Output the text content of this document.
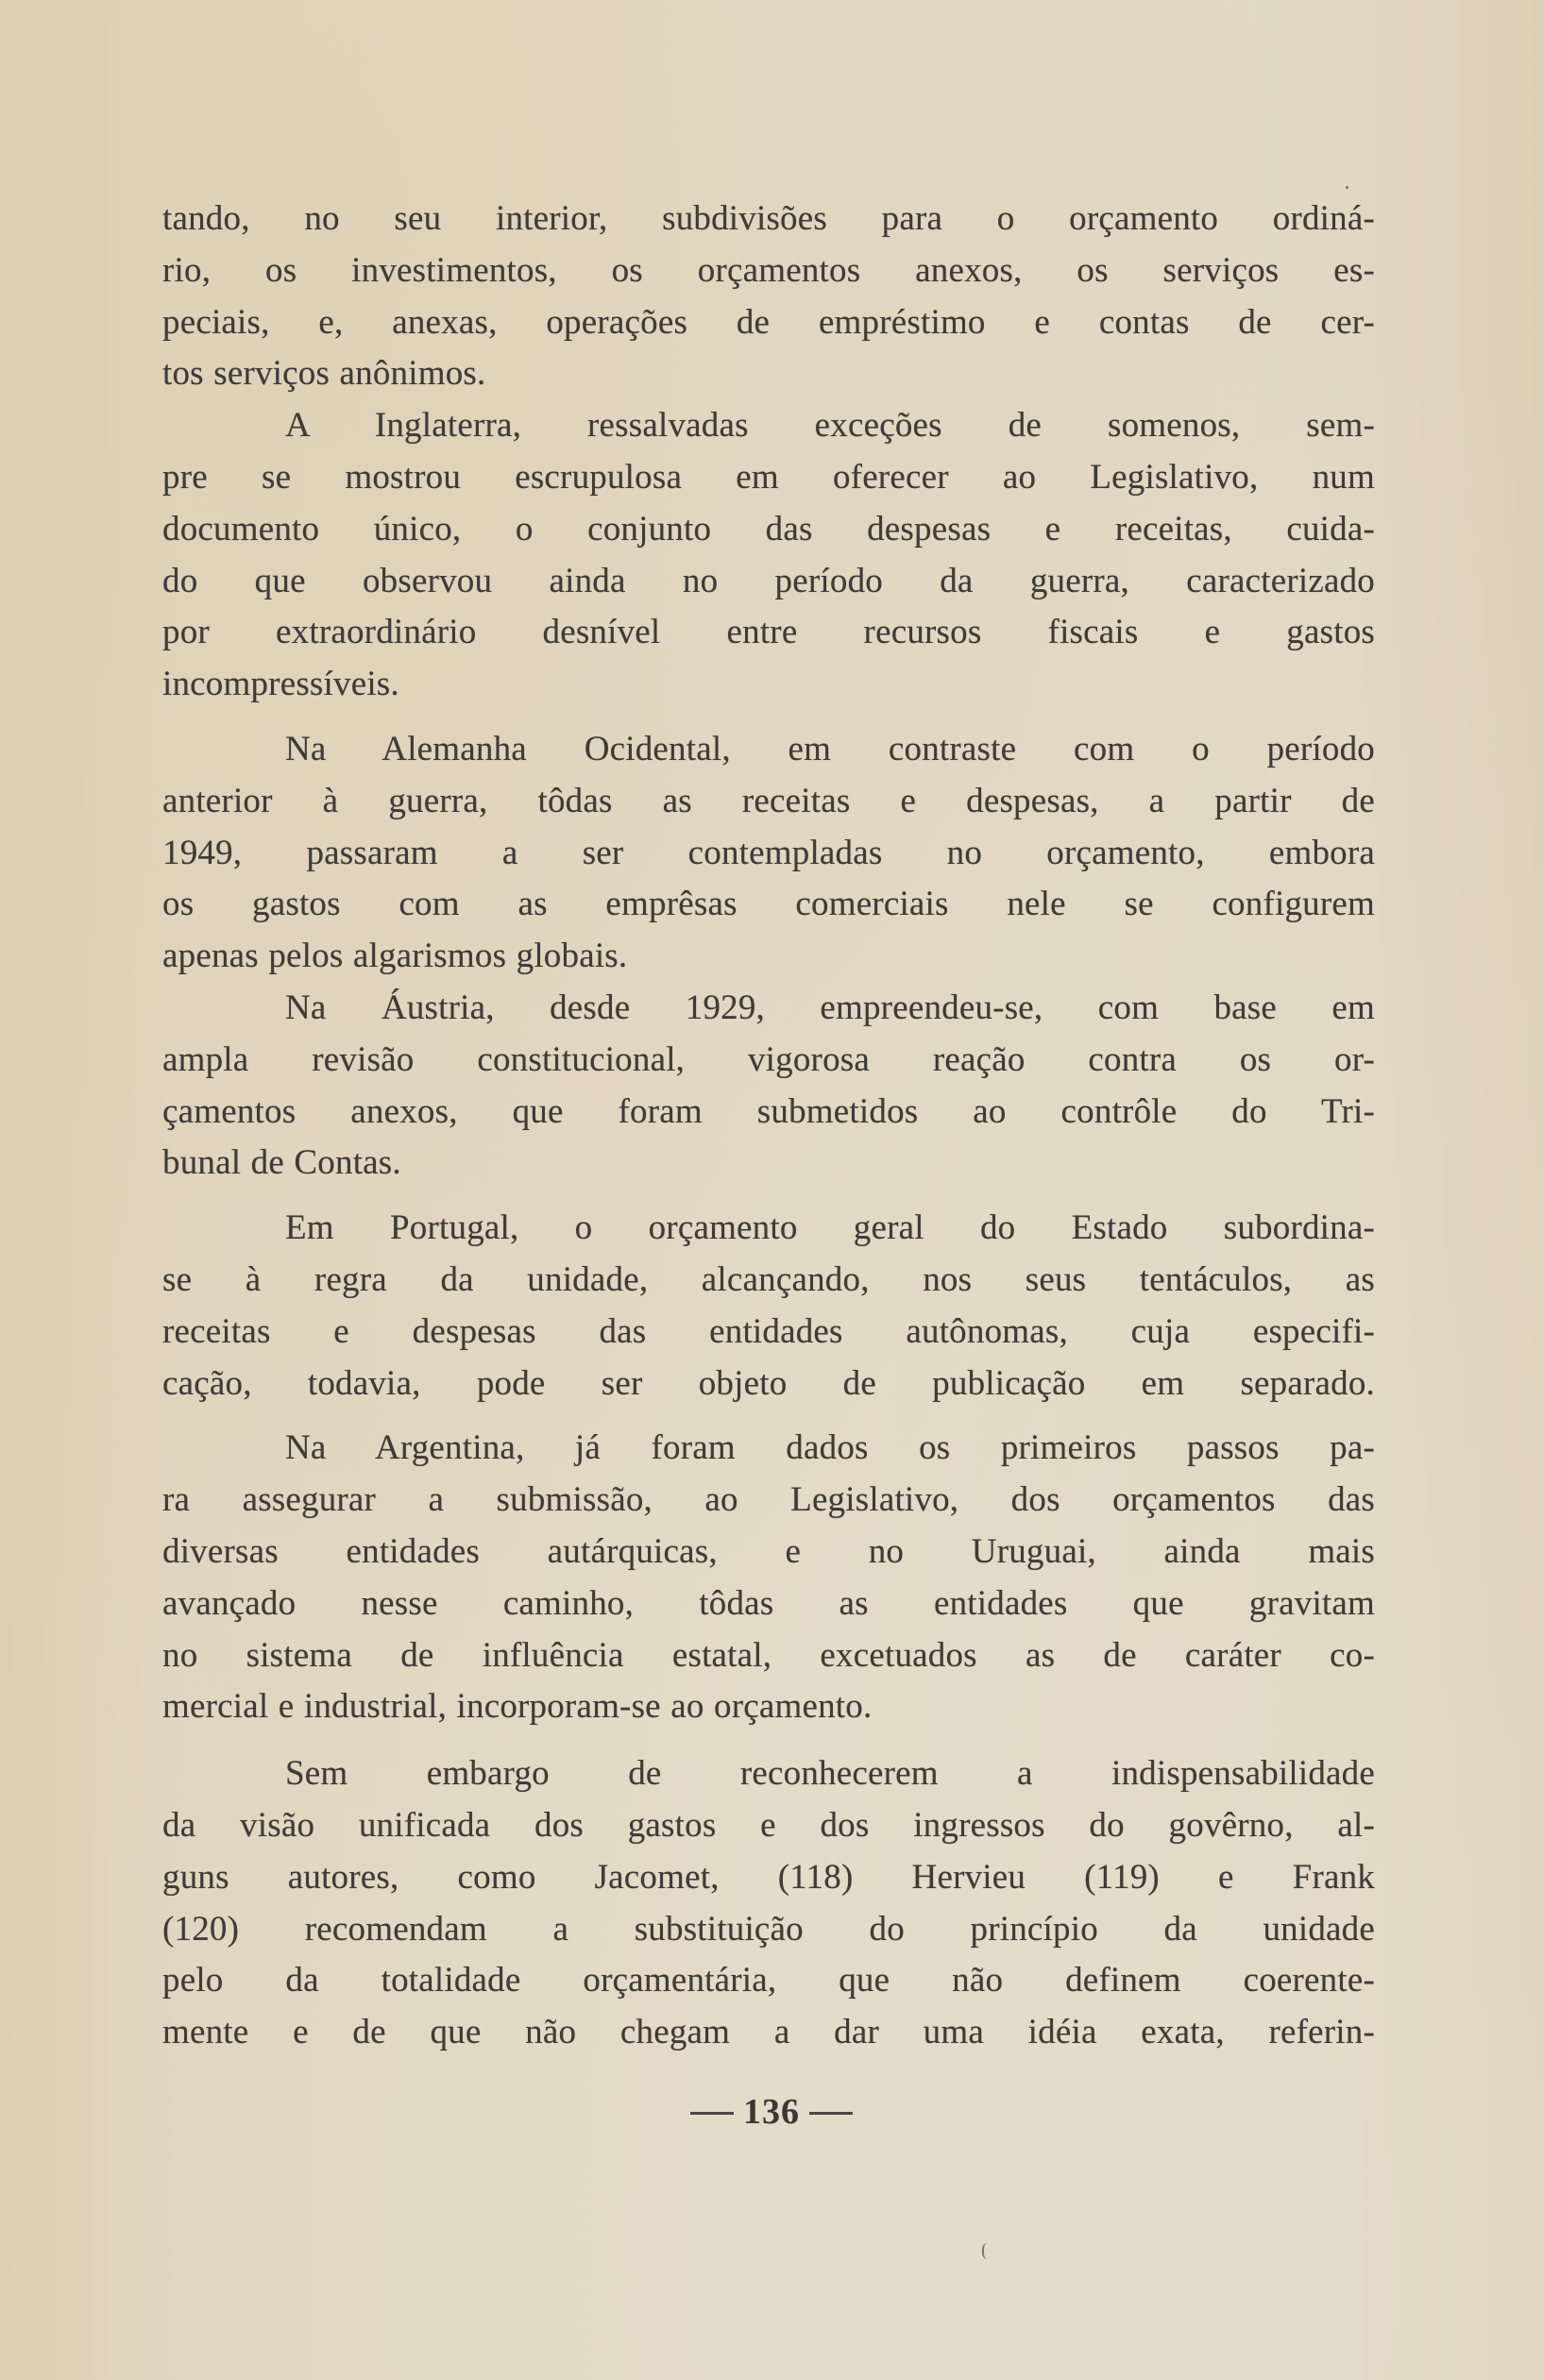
tando, no seu interior, subdivisões para o orçamento ordiná-
rio, os investimentos, os orçamentos anexos, os serviços es-
peciais, e, anexas, operações de empréstimo e contas de cer-
tos serviços anônimos.
A Inglaterra, ressalvadas exceções de somenos, sem-
pre se mostrou escrupulosa em oferecer ao Legislativo, num
documento único, o conjunto das despesas e receitas, cuida-
do que observou ainda no período da guerra, caracterizado
por extraordinário desnível entre recursos fiscais e gastos
incompressíveis.
Na Alemanha Ocidental, em contraste com o período
anterior à guerra, tôdas as receitas e despesas, a partir de
1949, passaram a ser contempladas no orçamento, embora
os gastos com as emprêsas comerciais nele se configurem
apenas pelos algarismos globais.
Na Áustria, desde 1929, empreendeu-se, com base em
ampla revisão constitucional, vigorosa reação contra os or-
çamentos anexos, que foram submetidos ao contrôle do Tri-
bunal de Contas.
Em Portugal, o orçamento geral do Estado subordina-
se à regra da unidade, alcançando, nos seus tentáculos, as
receitas e despesas das entidades autônomas, cuja especifi-
cação, todavia, pode ser objeto de publicação em separado.
Na Argentina, já foram dados os primeiros passos pa-
ra assegurar a submissão, ao Legislativo, dos orçamentos das
diversas entidades autárquicas, e no Uruguai, ainda mais
avançado nesse caminho, tôdas as entidades que gravitam
no sistema de influência estatal, excetuados as de caráter co-
mercial e industrial, incorporam-se ao orçamento.
Sem embargo de reconhecerem a indispensabilidade
da visão unificada dos gastos e dos ingressos do govêrno, al-
guns autores, como Jacomet, (118) Hervieu (119) e Frank
(120) recomendam a substituição do princípio da unidade
pelo da totalidade orçamentária, que não definem coerente-
mente e de que não chegam a dar uma idéia exata, referin-
136
